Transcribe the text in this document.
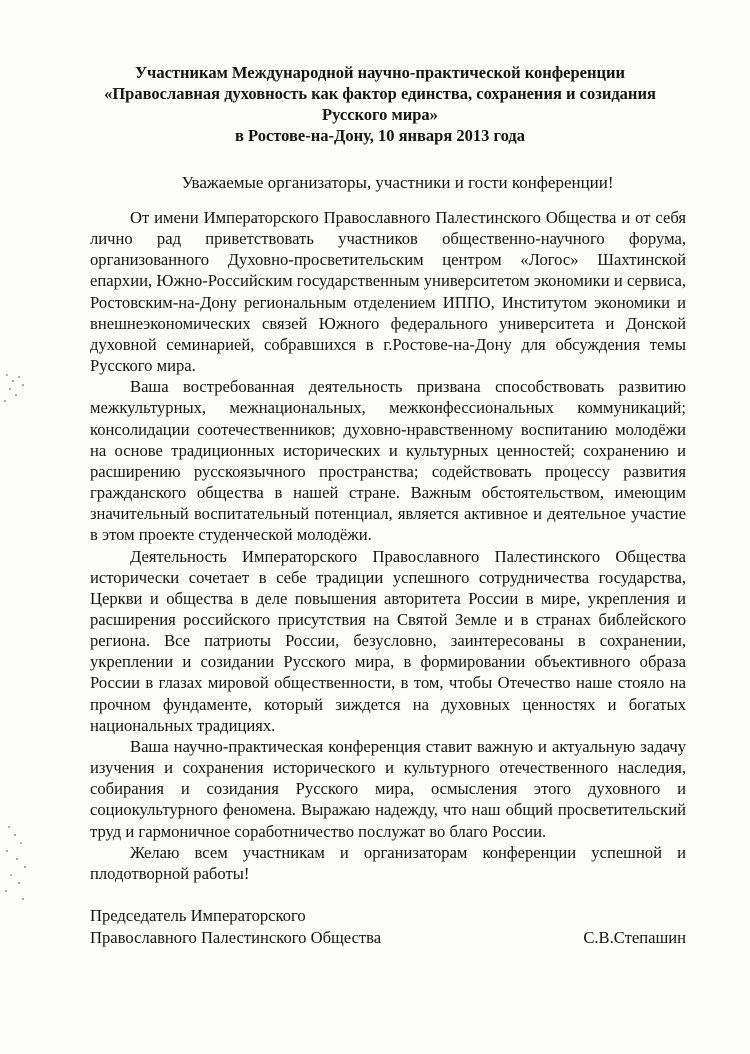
Участникам Международной научно-практической конференции
«Православная духовность как фактор единства, сохранения и созидания
Русского мира»
в Ростове-на-Дону, 10 января 2013 года
Уважаемые организаторы, участники и гости конференции!

От имени Императорского Православного Палестинского Общества и от себя лично рад приветствовать участников общественно-научного форума, организованного Духовно-просветительским центром «Логос» Шахтинской епархии, Южно-Российским государственным университетом экономики и сервиса, Ростовским-на-Дону региональным отделением ИППО, Институтом экономики и внешнеэкономических связей Южного федерального университета и Донской духовной семинарией, собравшихся в г.Ростове-на-Дону для обсуждения темы Русского мира.

Ваша востребованная деятельность призвана способствовать развитию межкультурных, межнациональных, межконфессиональных коммуникаций; консолидации соотечественников; духовно-нравственному воспитанию молодёжи на основе традиционных исторических и культурных ценностей; сохранению и расширению русскоязычного пространства; содействовать процессу развития гражданского общества в нашей стране. Важным обстоятельством, имеющим значительный воспитательный потенциал, является активное и деятельное участие в этом проекте студенческой молодёжи.

Деятельность Императорского Православного Палестинского Общества исторически сочетает в себе традиции успешного сотрудничества государства, Церкви и общества в деле повышения авторитета России в мире, укрепления и расширения российского присутствия на Святой Земле и в странах библейского региона. Все патриоты России, безусловно, заинтересованы в сохранении, укреплении и созидании Русского мира, в формировании объективного образа России в глазах мировой общественности, в том, чтобы Отечество наше стояло на прочном фундаменте, который зиждется на духовных ценностях и богатых национальных традициях.

Ваша научно-практическая конференция ставит важную и актуальную задачу изучения и сохранения исторического и культурного отечественного наследия, собирания и созидания Русского мира, осмысления этого духовного и социокультурного феномена. Выражаю надежду, что наш общий просветительский труд и гармоничное соработничество послужат во благо России.

Желаю всем участникам и организаторам конференции успешной и плодотворной работы!

Председатель Императорского
Православного Палестинского Общества	С.В.Степашин
